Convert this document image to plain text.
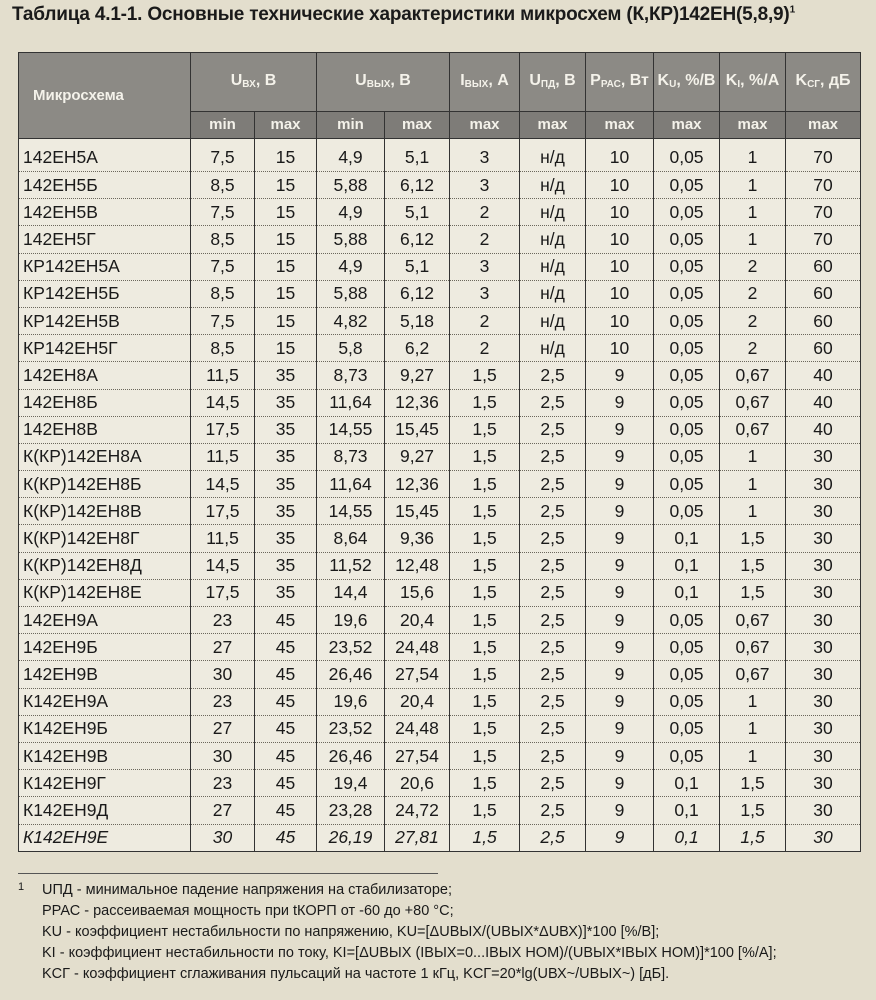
Таблица 4.1-1. Основные технические характеристики микросхем $(К,КР)142ЕН(5,8,9)^1$
Микросхема	UВХ, В		UВЫХ, В		IВЫХ, А	UПД, В	PРАС, Вт	KU, %/В	KI, %/А	KСГ, дБ
	min	max	min	max	max	max	max	max	max	max
142ЕН5А	7,5	15	4,9	5,1	3	н/д	10	0,05	1	70
142ЕН5Б	8,5	15	5,88	6,12	3	н/д	10	0,05	1	70
142ЕН5В	7,5	15	4,9	5,1	2	н/д	10	0,05	1	70
142ЕН5Г	8,5	15	5,88	6,12	2	н/д	10	0,05	1	70
КР142ЕН5А	7,5	15	4,9	5,1	3	н/д	10	0,05	2	60
КР142ЕН5Б	8,5	15	5,88	6,12	3	н/д	10	0,05	2	60
КР142ЕН5В	7,5	15	4,82	5,18	2	н/д	10	0,05	2	60
КР142ЕН5Г	8,5	15	5,8	6,2	2	н/д	10	0,05	2	60
142ЕН8А	11,5	35	8,73	9,27	1,5	2,5	9	0,05	0,67	40
142ЕН8Б	14,5	35	11,64	12,36	1,5	2,5	9	0,05	0,67	40
142ЕН8В	17,5	35	14,55	15,45	1,5	2,5	9	0,05	0,67	40
К(КР)142ЕН8А	11,5	35	8,73	9,27	1,5	2,5	9	0,05	1	30
К(КР)142ЕН8Б	14,5	35	11,64	12,36	1,5	2,5	9	0,05	1	30
К(КР)142ЕН8В	17,5	35	14,55	15,45	1,5	2,5	9	0,05	1	30
К(КР)142ЕН8Г	11,5	35	8,64	9,36	1,5	2,5	9	0,1	1,5	30
К(КР)142ЕН8Д	14,5	35	11,52	12,48	1,5	2,5	9	0,1	1,5	30
К(КР)142ЕН8Е	17,5	35	14,4	15,6	1,5	2,5	9	0,1	1,5	30
142ЕН9А	23	45	19,6	20,4	1,5	2,5	9	0,05	0,67	30
142ЕН9Б	27	45	23,52	24,48	1,5	2,5	9	0,05	0,67	30
142ЕН9В	30	45	26,46	27,54	1,5	2,5	9	0,05	0,67	30
К142ЕН9А	23	45	19,6	20,4	1,5	2,5	9	0,05	1	30
К142ЕН9Б	27	45	23,52	24,48	1,5	2,5	9	0,05	1	30
К142ЕН9В	30	45	26,46	27,54	1,5	2,5	9	0,05	1	30
К142ЕН9Г	23	45	19,4	20,6	1,5	2,5	9	0,1	1,5	30
К142ЕН9Д	27	45	23,28	24,72	1,5	2,5	9	0,1	1,5	30
К142ЕН9Е	30	45	26,19	27,81	1,5	2,5	9	0,1	1,5	30
1 UПД - минимальное падение напряжения на стабилизаторе;
PРАС - рассеиваемая мощность при tКОРП от -60 до +80 °С;
KU - коэффициент нестабильности по напряжению, KU=[ΔUВЫХ/(UВЫХ*ΔUВХ)]*100 [%/В];
KI - коэффициент нестабильности по току, KI=[ΔUВЫХ (IВЫХ=0...IВЫХ НОМ)/(UВЫХ*IВЫХ НОМ)]*100 [%/А];
KСГ - коэффициент сглаживания пульсаций на частоте 1 кГц, KСГ=20*lg(UВХ~/UВЫХ~) [дБ].
